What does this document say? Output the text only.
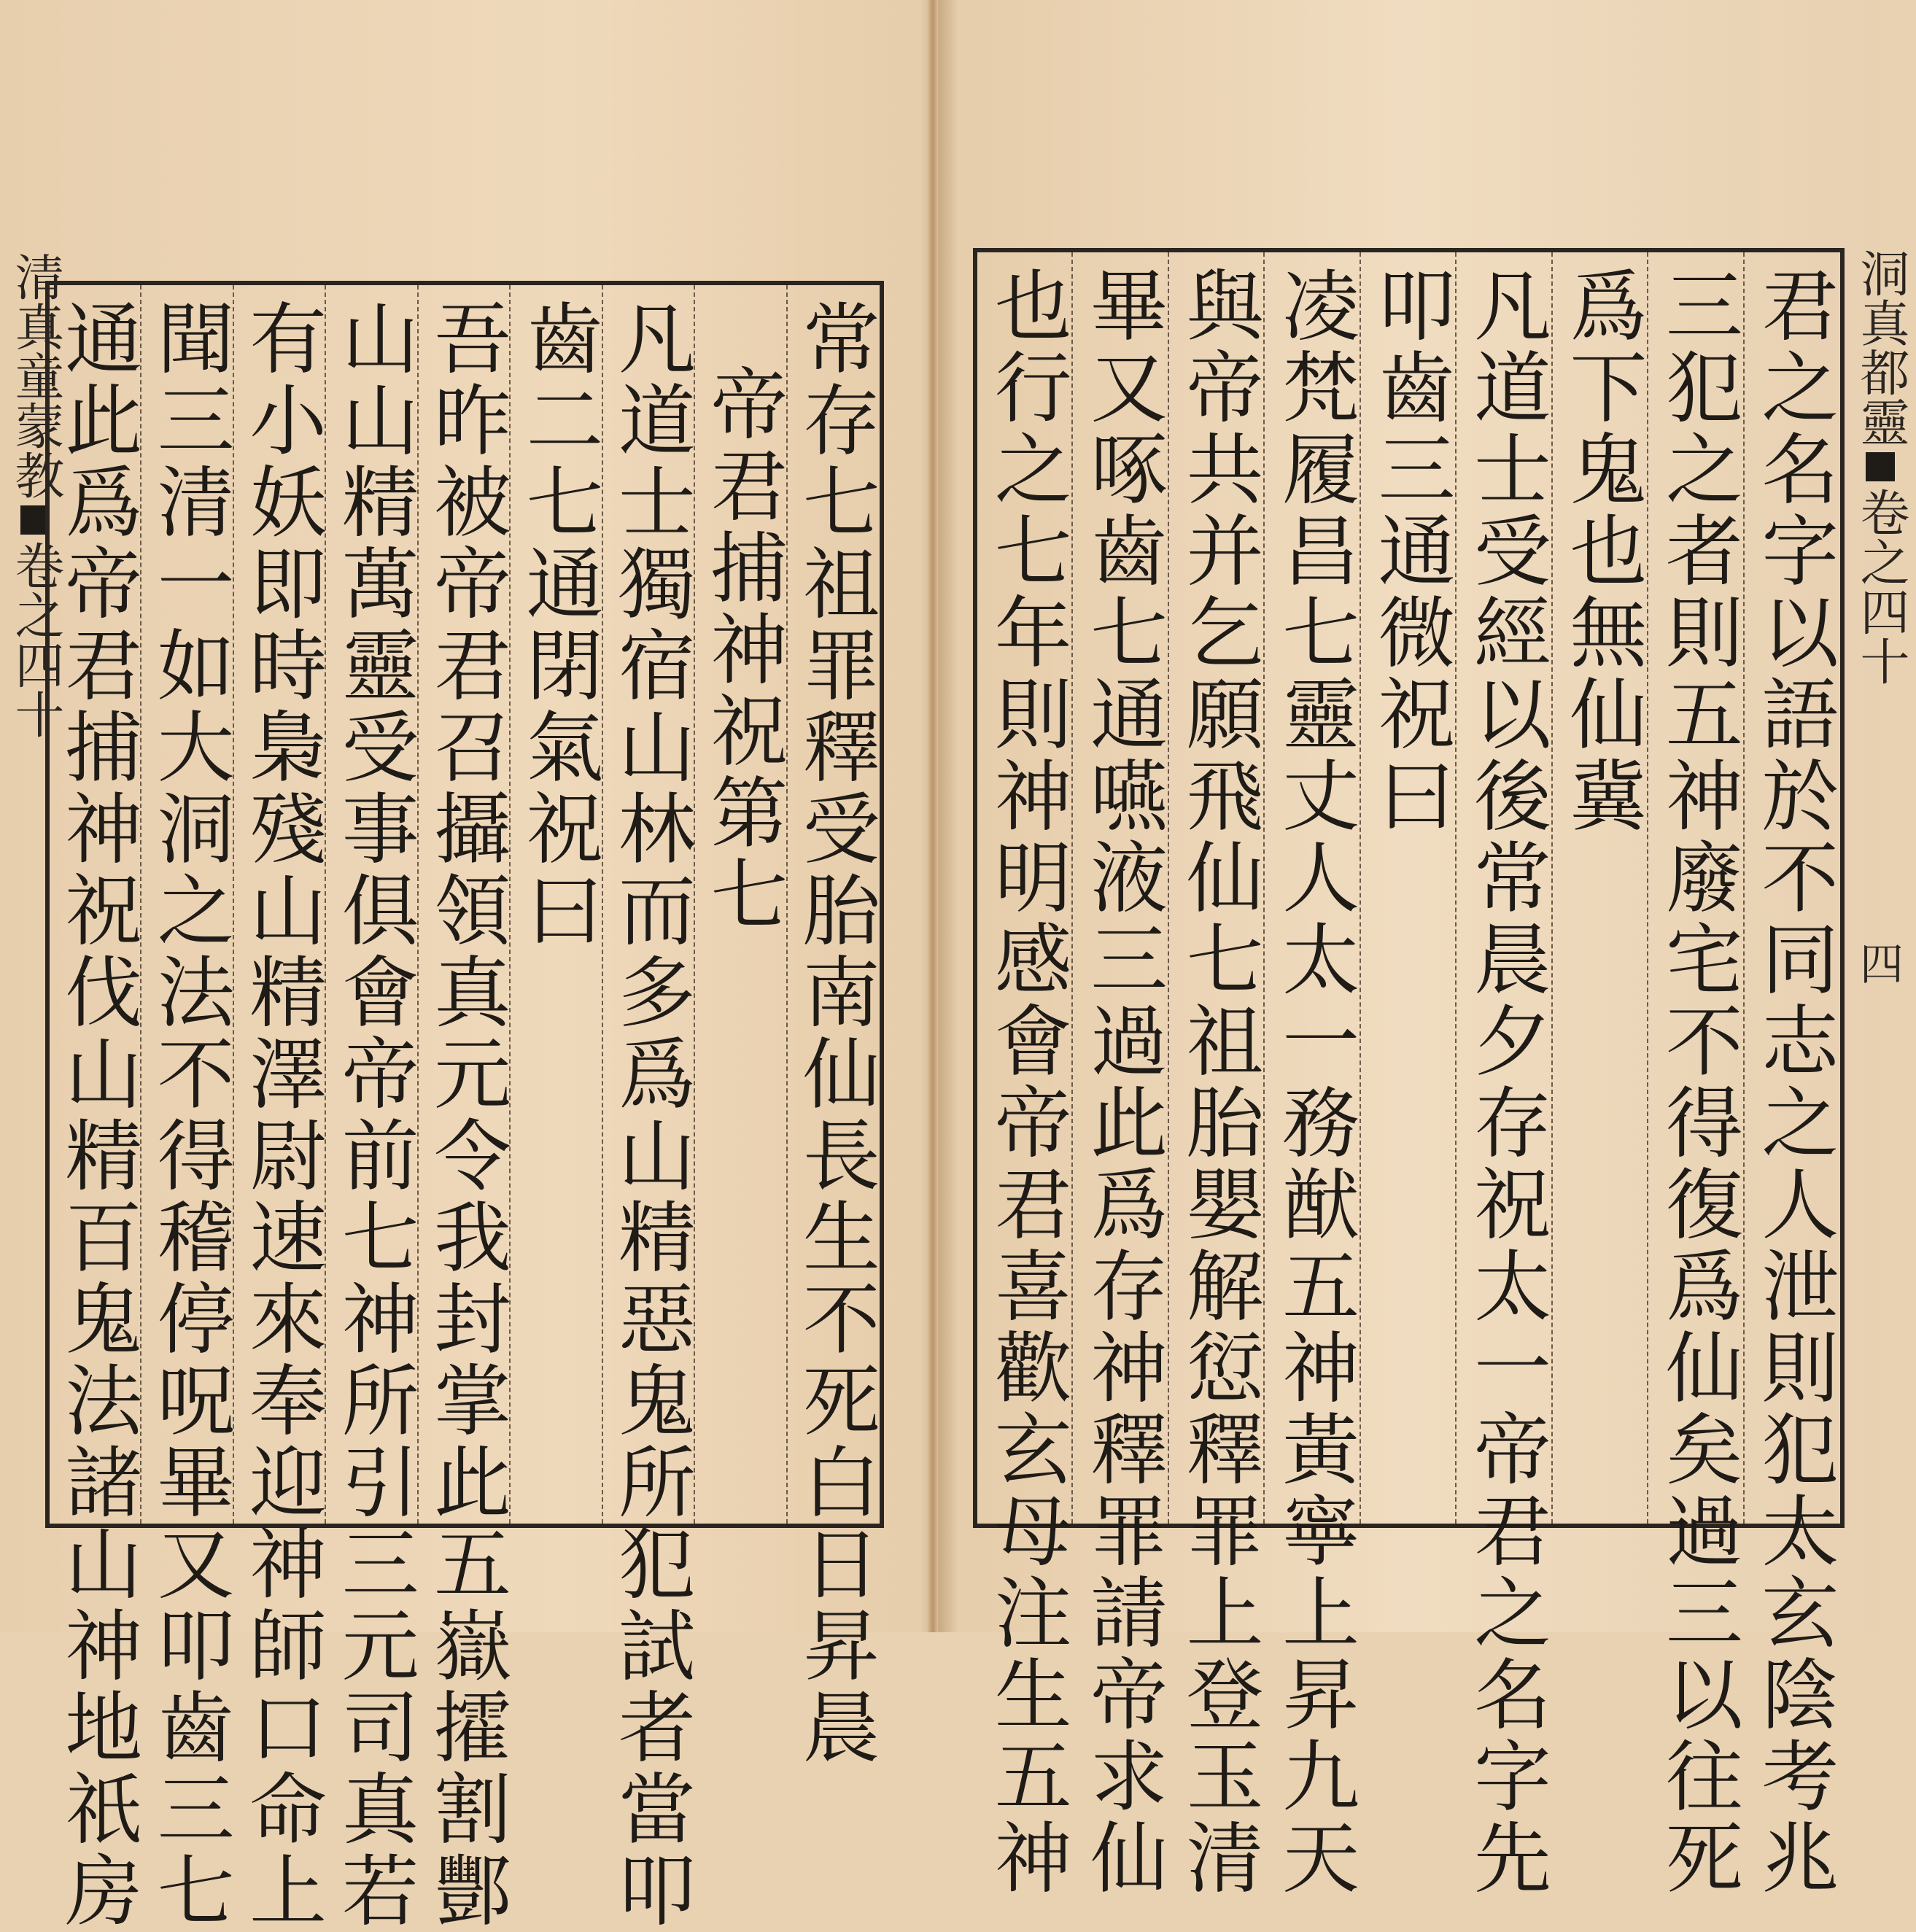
清真童蒙教卷之四十	常存七祖罪釋受胎南仙長生不死白日昇晨
帝君捕神祝第七
凡道士獨宿山林而多爲山精惡鬼所犯試者當叩
齒二七通閉氣祝曰
吾昨被帝君召攝領真元令我封掌此五嶽攉割酆
山山精萬靈受事俱會帝前七神所引三元司真若
有小妖即時梟殘山精澤尉速來奉迎神師口命上
聞三清一如大洞之法不得稽停呪畢又叩齒三七
通此爲帝君捕神祝伐山精百鬼法諸山神地祇房	君之名字以語於不同志之人泄則犯太玄陰考兆
三犯之者則五神廢宅不得復爲仙矣過三以往死
爲下鬼也無仙冀
凡道士受經以後常晨夕存祝太一帝君之名字先
叩齒三通微祝曰
凌梵履昌七靈丈人太一務猷五神黃寧上昇九天
與帝共并乞願飛仙七祖胎嬰解愆釋罪上登玉清
畢又啄齒七通嚥液三過此爲存神釋罪請帝求仙
也行之七年則神明感會帝君喜歡玄母注生五神	洞真都靈卷之四十
四
